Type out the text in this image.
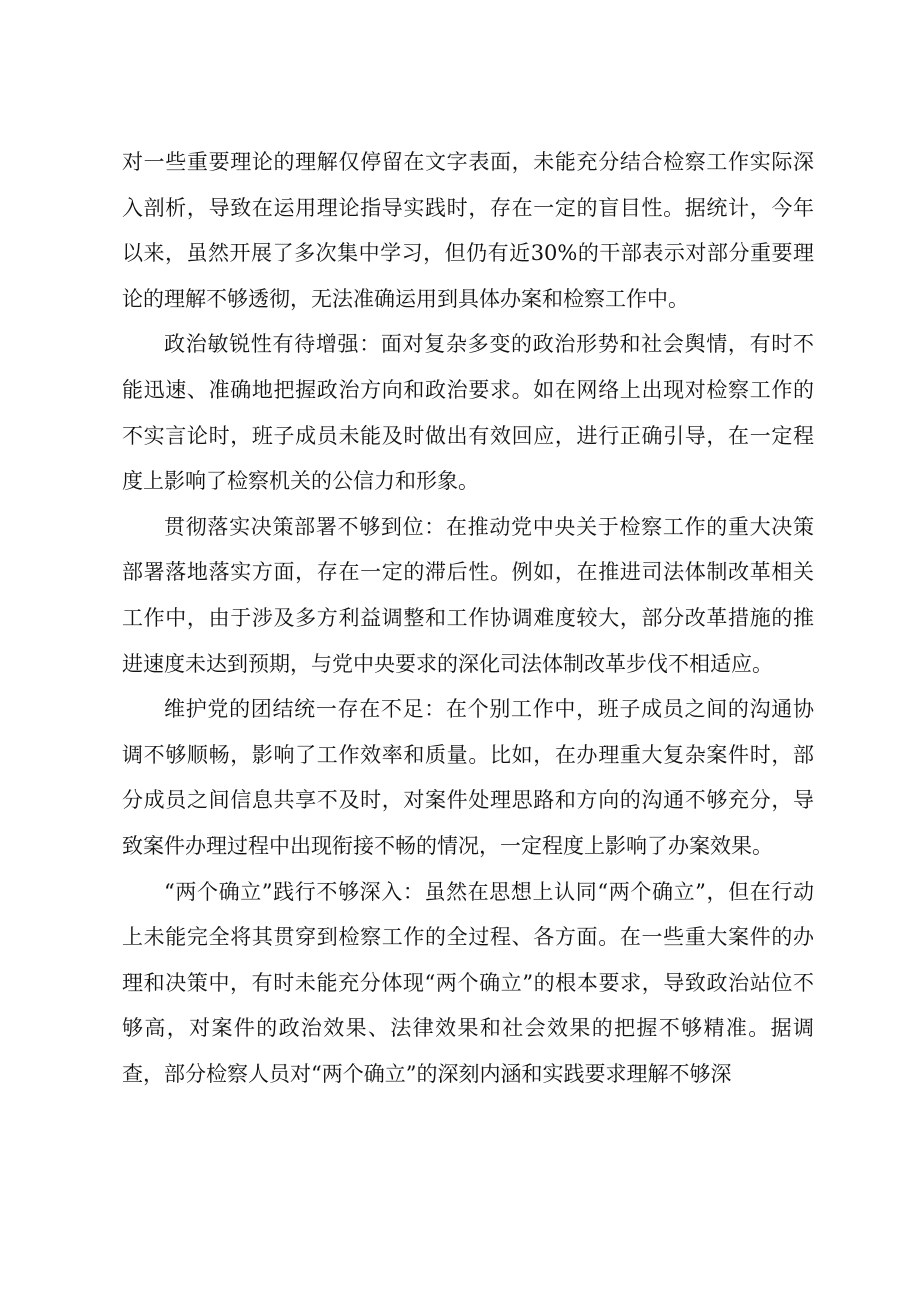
对一些重要理论的理解仅停留在文字表面，未能充分结合检察工作实际深入剖析，导致在运用理论指导实践时，存在一定的盲目性。据统计，今年以来，虽然开展了多次集中学习，但仍有近30%的干部表示对部分重要理论的理解不够透彻，无法准确运用到具体办案和检察工作中。

政治敏锐性有待增强：面对复杂多变的政治形势和社会舆情，有时不能迅速、准确地把握政治方向和政治要求。如在网络上出现对检察工作的不实言论时，班子成员未能及时做出有效回应，进行正确引导，在一定程度上影响了检察机关的公信力和形象。

贯彻落实决策部署不够到位：在推动党中央关于检察工作的重大决策部署落地落实方面，存在一定的滞后性。例如，在推进司法体制改革相关工作中，由于涉及多方利益调整和工作协调难度较大，部分改革措施的推进速度未达到预期，与党中央要求的深化司法体制改革步伐不相适应。

维护党的团结统一存在不足：在个别工作中，班子成员之间的沟通协调不够顺畅，影响了工作效率和质量。比如，在办理重大复杂案件时，部分成员之间信息共享不及时，对案件处理思路和方向的沟通不够充分，导致案件办理过程中出现衔接不畅的情况，一定程度上影响了办案效果。

“两个确立”践行不够深入：虽然在思想上认同“两个确立”，但在行动上未能完全将其贯穿到检察工作的全过程、各方面。在一些重大案件的办理和决策中，有时未能充分体现“两个确立”的根本要求，导致政治站位不够高，对案件的政治效果、法律效果和社会效果的把握不够精准。据调查，部分检察人员对“两个确立”的深刻内涵和实践要求理解不够深
